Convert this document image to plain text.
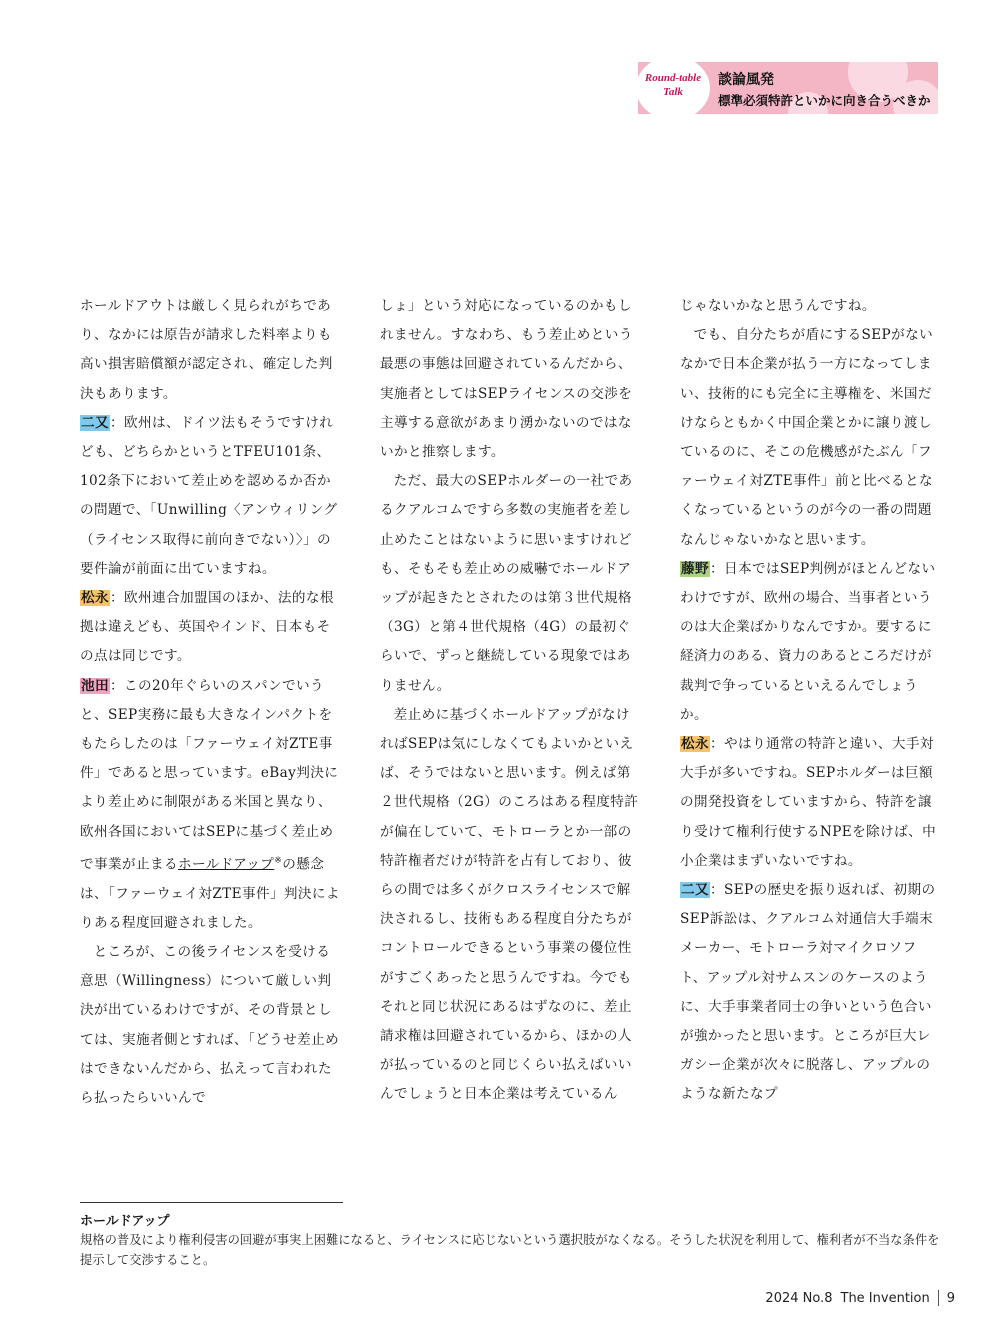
Round-table
Talk
談論風発
標準必須特許といかに向き合うべきか

ホールドアウトは厳しく見られがちであり、なかには原告が請求した料率よりも高い損害賠償額が認定され、確定した判決もあります。

二又：欧州は、ドイツ法もそうですけれども、どちらかというとTFEU101条、102条下において差止めを認めるか否かの問題で、「Unwilling〈アンウィリング（ライセンス取得に前向きでない）〉」の要件論が前面に出ていますね。

松永：欧州連合加盟国のほか、法的な根拠は違えども、英国やインド、日本もその点は同じです。

池田：この20年ぐらいのスパンでいうと、SEP実務に最も大きなインパクトをもたらしたのは「ファーウェイ対ZTE事件」であると思っています。eBay判決により差止めに制限がある米国と異なり、欧州各国においてはSEPに基づく差止めで事業が止まるホールドアップ※の懸念は、「ファーウェイ対ZTE事件」判決によりある程度回避されました。

ところが、この後ライセンスを受ける意思（Willingness）について厳しい判決が出ているわけですが、その背景としては、実施者側とすれば、「どうせ差止めはできないんだから、払えって言われたら払ったらいいんで

しょ」という対応になっているのかもしれません。すなわち、もう差止めという最悪の事態は回避されているんだから、実施者としてはSEPライセンスの交渉を主導する意欲があまり湧かないのではないかと推察します。

ただ、最大のSEPホルダーの一社であるクアルコムですら多数の実施者を差し止めたことはないように思いますけれども、そもそも差止めの威嚇でホールドアップが起きたとされたのは第３世代規格（3G）と第４世代規格（4G）の最初ぐらいで、ずっと継続している現象ではありません。

差止めに基づくホールドアップがなければSEPは気にしなくてもよいかといえば、そうではないと思います。例えば第２世代規格（2G）のころはある程度特許が偏在していて、モトローラとか一部の特許権者だけが特許を占有しており、彼らの間では多くがクロスライセンスで解決されるし、技術もある程度自分たちがコントロールできるという事業の優位性がすごくあったと思うんですね。今でもそれと同じ状況にあるはずなのに、差止請求権は回避されているから、ほかの人が払っているのと同じくらい払えばいいんでしょうと日本企業は考えているん

じゃないかなと思うんですね。

でも、自分たちが盾にするSEPがないなかで日本企業が払う一方になってしまい、技術的にも完全に主導権を、米国だけならともかく中国企業とかに譲り渡しているのに、そこの危機感がたぶん「ファーウェイ対ZTE事件」前と比べるとなくなっているというのが今の一番の問題なんじゃないかなと思います。

藤野：日本ではSEP判例がほとんどないわけですが、欧州の場合、当事者というのは大企業ばかりなんですか。要するに経済力のある、資力のあるところだけが裁判で争っているといえるんでしょうか。

松永：やはり通常の特許と違い、大手対大手が多いですね。SEPホルダーは巨額の開発投資をしていますから、特許を譲り受けて権利行使するNPEを除けば、中小企業はまずいないですね。

二又：SEPの歴史を振り返れば、初期のSEP訴訟は、クアルコム対通信大手端末メーカー、モトローラ対マイクロソフト、アップル対サムスンのケースのように、大手事業者同士の争いという色合いが強かったと思います。ところが巨大レガシー企業が次々に脱落し、アップルのような新たなプ

ホールドアップ
規格の普及により権利侵害の回避が事実上困難になると、ライセンスに応じないという選択肢がなくなる。そうした状況を利用して、権利者が不当な条件を提示して交渉すること。
2024 No.8 The Invention 9
